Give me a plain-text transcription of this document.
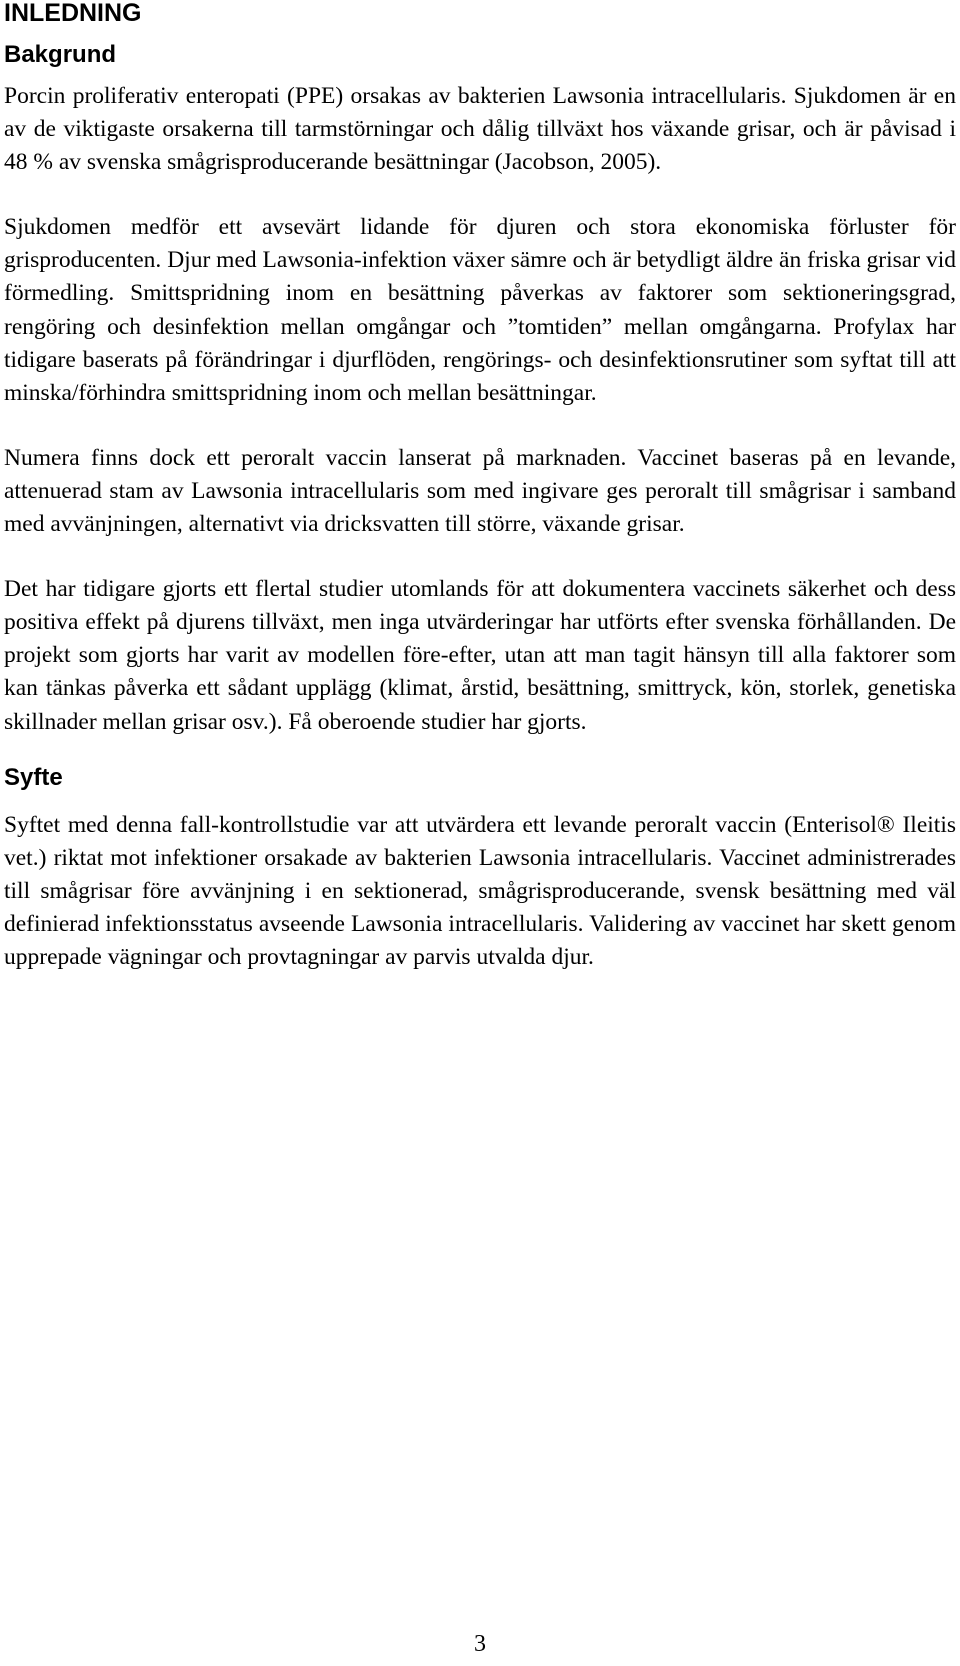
INLEDNING
Bakgrund

Porcin proliferativ enteropati (PPE) orsakas av bakterien Lawsonia intracellularis. Sjukdomen är en av de viktigaste orsakerna till tarmstörningar och dålig tillväxt hos växande grisar, och är påvisad i 48 % av svenska smågrisproducerande besättningar (Jacobson, 2005).

Sjukdomen medför ett avsevärt lidande för djuren och stora ekonomiska förluster för grisproducenten. Djur med Lawsonia-infektion växer sämre och är betydligt äldre än friska grisar vid förmedling. Smittspridning inom en besättning påverkas av faktorer som sektioneringsgrad, rengöring och desinfektion mellan omgångar och ”tomtiden” mellan omgångarna. Profylax har tidigare baserats på förändringar i djurflöden, rengörings- och desinfektionsrutiner som syftat till att minska/förhindra smittspridning inom och mellan besättningar.

Numera finns dock ett peroralt vaccin lanserat på marknaden. Vaccinet baseras på en levande, attenuerad stam av Lawsonia intracellularis som med ingivare ges peroralt till smågrisar i samband med avvänjningen, alternativt via dricksvatten till större, växande grisar.

Det har tidigare gjorts ett flertal studier utomlands för att dokumentera vaccinets säkerhet och dess positiva effekt på djurens tillväxt, men inga utvärderingar har utförts efter svenska förhållanden. De projekt som gjorts har varit av modellen före-efter, utan att man tagit hänsyn till alla faktorer som kan tänkas påverka ett sådant upplägg (klimat, årstid, besättning, smittryck, kön, storlek, genetiska skillnader mellan grisar osv.). Få oberoende studier har gjorts.

Syfte

Syftet med denna fall-kontrollstudie var att utvärdera ett levande peroralt vaccin (Enterisol® Ileitis vet.) riktat mot infektioner orsakade av bakterien Lawsonia intracellularis. Vaccinet administrerades till smågrisar före avvänjning i en sektionerad, smågrisproducerande, svensk besättning med väl definierad infektionsstatus avseende Lawsonia intracellularis. Validering av vaccinet har skett genom upprepade vägningar och provtagningar av parvis utvalda djur.

3
